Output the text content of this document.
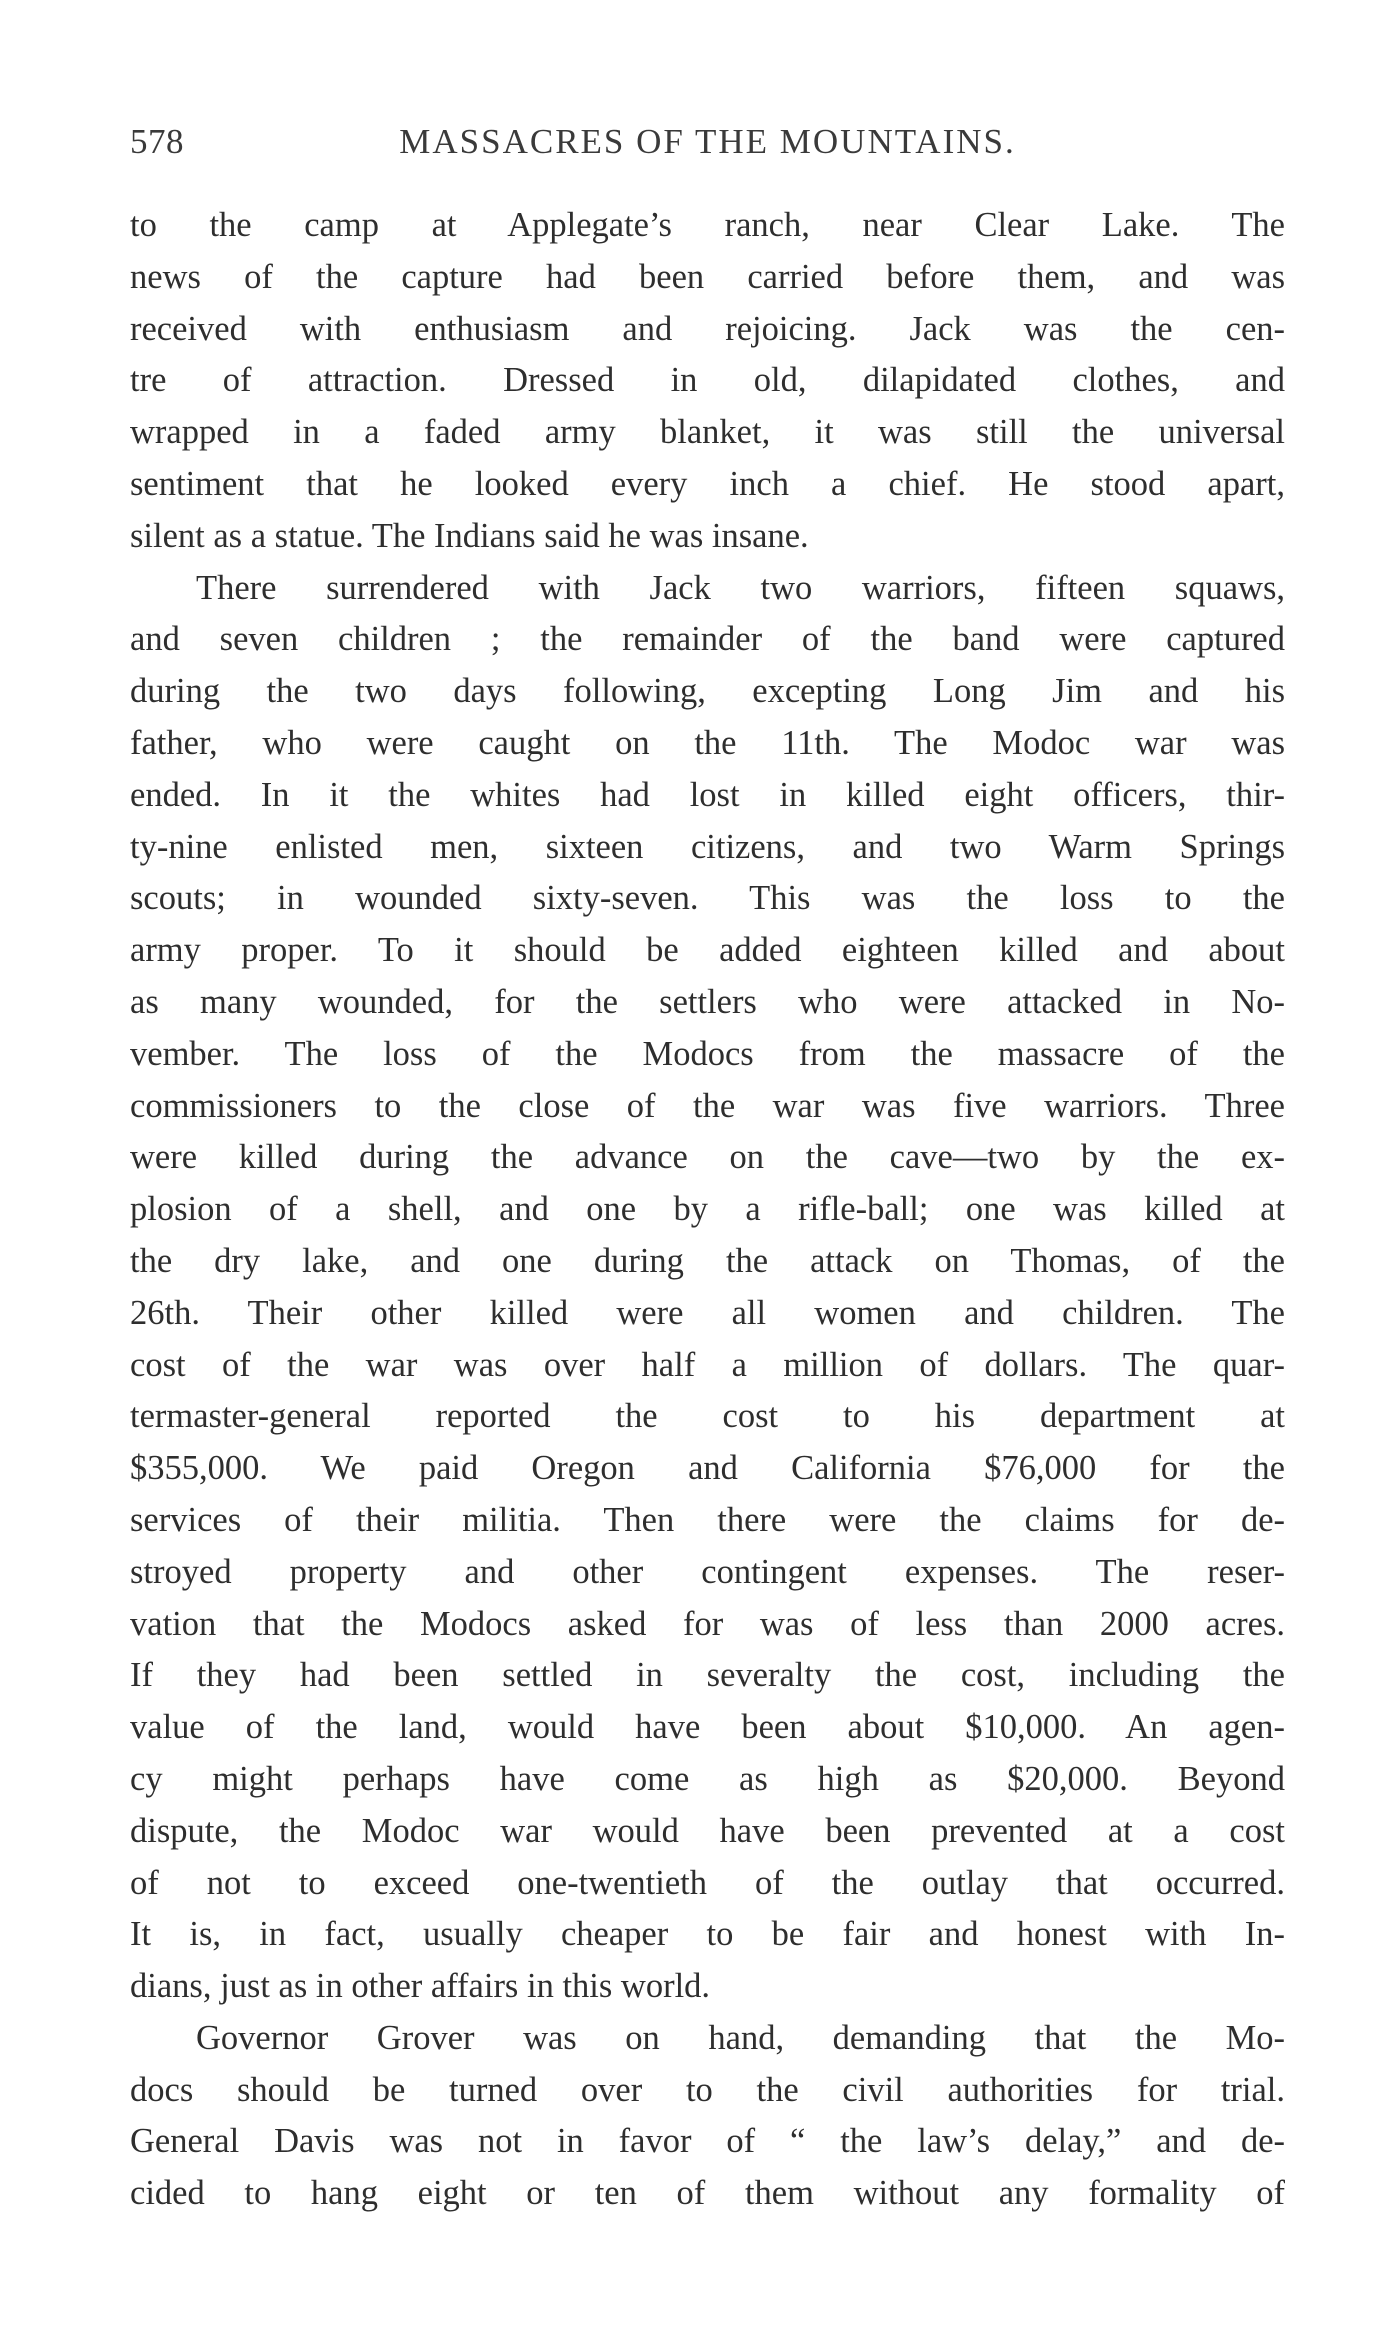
578	MASSACRES OF THE MOUNTAINS.
to the camp at Applegate’s ranch, near Clear Lake. The
news of the capture had been carried before them, and was
received with enthusiasm and rejoicing. Jack was the cen-
tre of attraction. Dressed in old, dilapidated clothes, and
wrapped in a faded army blanket, it was still the universal
sentiment that he looked every inch a chief. He stood apart,
silent as a statue. The Indians said he was insane.
There surrendered with Jack two warriors, fifteen squaws,
and seven children ; the remainder of the band were captured
during the two days following, excepting Long Jim and his
father, who were caught on the 11th. The Modoc war was
ended. In it the whites had lost in killed eight officers, thir-
ty-nine enlisted men, sixteen citizens, and two Warm Springs
scouts; in wounded sixty-seven. This was the loss to the
army proper. To it should be added eighteen killed and about
as many wounded, for the settlers who were attacked in No-
vember. The loss of the Modocs from the massacre of the
commissioners to the close of the war was five warriors. Three
were killed during the advance on the cave—two by the ex-
plosion of a shell, and one by a rifle-ball; one was killed at
the dry lake, and one during the attack on Thomas, of the
26th. Their other killed were all women and children. The
cost of the war was over half a million of dollars. The quar-
termaster-general reported the cost to his department at
$355,000. We paid Oregon and California $76,000 for the
services of their militia. Then there were the claims for de-
stroyed property and other contingent expenses. The reser-
vation that the Modocs asked for was of less than 2000 acres.
If they had been settled in severalty the cost, including the
value of the land, would have been about $10,000. An agen-
cy might perhaps have come as high as $20,000. Beyond
dispute, the Modoc war would have been prevented at a cost
of not to exceed one-twentieth of the outlay that occurred.
It is, in fact, usually cheaper to be fair and honest with In-
dians, just as in other affairs in this world.
Governor Grover was on hand, demanding that the Mo-
docs should be turned over to the civil authorities for trial.
General Davis was not in favor of “ the law’s delay,” and de-
cided to hang eight or ten of them without any formality of
